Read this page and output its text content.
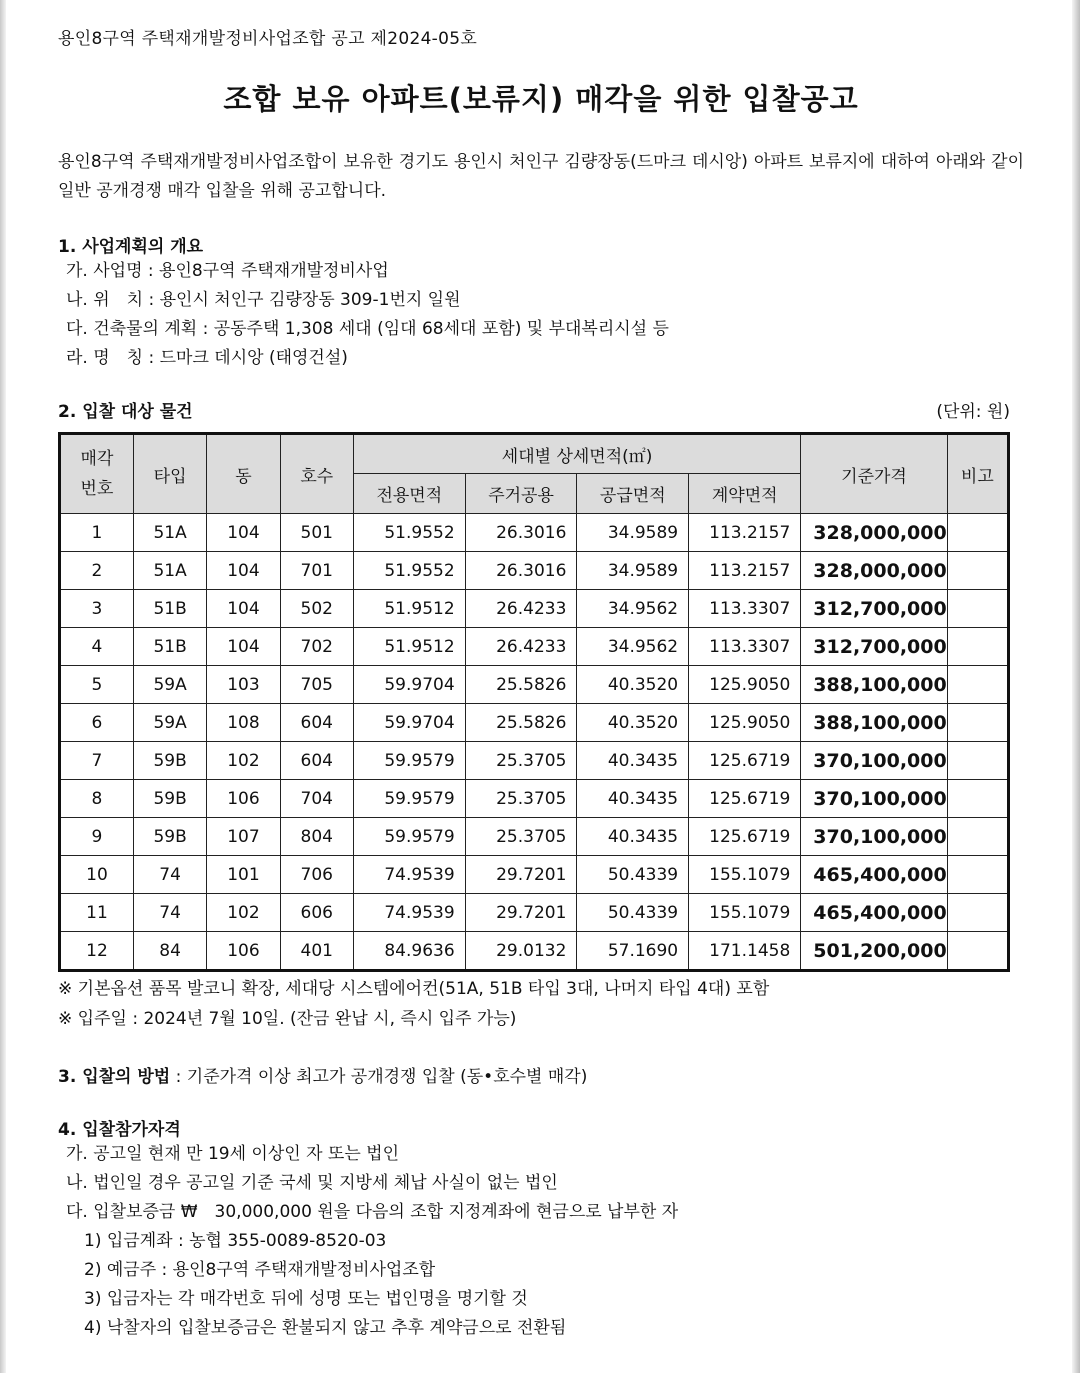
용인8구역 주택재개발정비사업조합 공고 제2024-05호
조합 보유 아파트(보류지) 매각을 위한 입찰공고
용인8구역 주택재개발정비사업조합이 보유한 경기도 용인시 처인구 김량장동(드마크 데시앙) 아파트 보류지에 대하여 아래와 같이 일반 공개경쟁 매각 입찰을 위해 공고합니다.
1. 사업계획의 개요
가. 사업명 : 용인8구역 주택재개발정비사업
나. 위　치 : 용인시 처인구 김량장동 309-1번지 일원
다. 건축물의 계획 : 공동주택 1,308 세대 (임대 68세대 포함) 및 부대복리시설 등
라. 명　칭 : 드마크 데시앙 (태영건설)
2. 입찰 대상 물건	(단위: 원)
매각
번호	타입	동	호수	세대별 상세면적(㎡)				기준가격	비고
				전용면적	주거공용	공급면적	계약면적		
1	51A	104	501	51.9552	26.3016	34.9589	113.2157	328,000,000	
2	51A	104	701	51.9552	26.3016	34.9589	113.2157	328,000,000	
3	51B	104	502	51.9512	26.4233	34.9562	113.3307	312,700,000	
4	51B	104	702	51.9512	26.4233	34.9562	113.3307	312,700,000	
5	59A	103	705	59.9704	25.5826	40.3520	125.9050	388,100,000	
6	59A	108	604	59.9704	25.5826	40.3520	125.9050	388,100,000	
7	59B	102	604	59.9579	25.3705	40.3435	125.6719	370,100,000	
8	59B	106	704	59.9579	25.3705	40.3435	125.6719	370,100,000	
9	59B	107	804	59.9579	25.3705	40.3435	125.6719	370,100,000	
10	74	101	706	74.9539	29.7201	50.4339	155.1079	465,400,000	
11	74	102	606	74.9539	29.7201	50.4339	155.1079	465,400,000	
12	84	106	401	84.9636	29.0132	57.1690	171.1458	501,200,000	
※ 기본옵션 품목 발코니 확장, 세대당 시스템에어컨(51A, 51B 타입 3대, 나머지 타입 4대) 포함
※ 입주일 : 2024년 7월 10일. (잔금 완납 시, 즉시 입주 가능)
3. 입찰의 방법 : 기준가격 이상 최고가 공개경쟁 입찰 (동•호수별 매각)
4. 입찰참가자격
가. 공고일 현재 만 19세 이상인 자 또는 법인
나. 법인일 경우 공고일 기준 국세 및 지방세 체납 사실이 없는 법인
다. 입찰보증금 ₩　30,000,000 원을 다음의 조합 지정계좌에 현금으로 납부한 자
1) 입금계좌 : 농협 355-0089-8520-03
2) 예금주 : 용인8구역 주택재개발정비사업조합
3) 입금자는 각 매각번호 뒤에 성명 또는 법인명을 명기할 것
4) 낙찰자의 입찰보증금은 환불되지 않고 추후 계약금으로 전환됨
